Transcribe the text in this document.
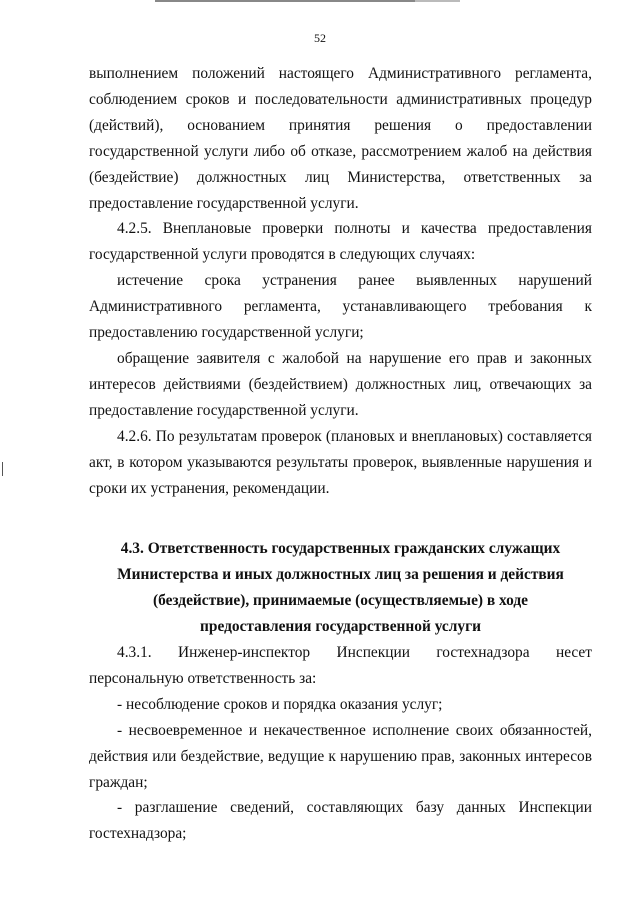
52

выполнением положений настоящего Административного регламента, соблюдением сроков и последовательности административных процедур (действий), основанием принятия решения о предоставлении государственной услуги либо об отказе, рассмотрением жалоб на действия (бездействие) должностных лиц Министерства, ответственных за предоставление государственной услуги.

4.2.5. Внеплановые проверки полноты и качества предоставления государственной услуги проводятся в следующих случаях:

истечение срока устранения ранее выявленных нарушений Административного регламента, устанавливающего требования к предоставлению государственной услуги;

обращение заявителя с жалобой на нарушение его прав и законных интересов действиями (бездействием) должностных лиц, отвечающих за предоставление государственной услуги.

4.2.6. По результатам проверок (плановых и внеплановых) составляется акт, в котором указываются результаты проверок, выявленные нарушения и сроки их устранения, рекомендации.

4.3. Ответственность государственных гражданских служащих Министерства и иных должностных лиц за решения и действия (бездействие), принимаемые (осуществляемые) в ходе предоставления государственной услуги

4.3.1. Инженер-инспектор Инспекции гостехнадзора несет персональную ответственность за:

- несоблюдение сроков и порядка оказания услуг;

- несвоевременное и некачественное исполнение своих обязанностей, действия или бездействие, ведущие к нарушению прав, законных интересов граждан;

- разглашение сведений, составляющих базу данных Инспекции гостехнадзора;
